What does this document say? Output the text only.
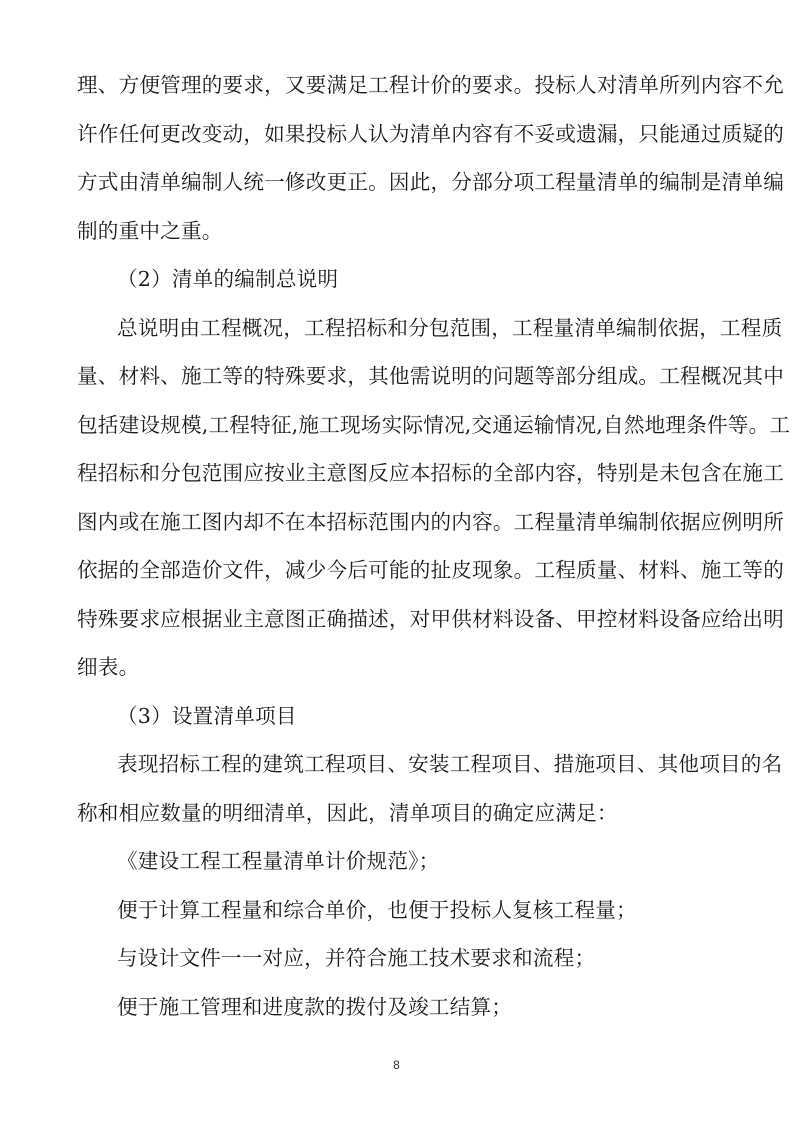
理、方便管理的要求，又要满足工程计价的要求。投标人对清单所列内容不允
许作任何更改变动，如果投标人认为清单内容有不妥或遗漏，只能通过质疑的
方式由清单编制人统一修改更正。因此，分部分项工程量清单的编制是清单编
制的重中之重。
（2）清单的编制总说明
总说明由工程概况，工程招标和分包范围，工程量清单编制依据，工程质
量、材料、施工等的特殊要求，其他需说明的问题等部分组成。工程概况其中
包括建设规模,工程特征,施工现场实际情况,交通运输情况,自然地理条件等。工
程招标和分包范围应按业主意图反应本招标的全部内容，特别是未包含在施工
图内或在施工图内却不在本招标范围内的内容。工程量清单编制依据应例明所
依据的全部造价文件，减少今后可能的扯皮现象。工程质量、材料、施工等的
特殊要求应根据业主意图正确描述，对甲供材料设备、甲控材料设备应给出明
细表。
（3）设置清单项目
表现招标工程的建筑工程项目、安装工程项目、措施项目、其他项目的名
称和相应数量的明细清单，因此，清单项目的确定应满足：
《建设工程工程量清单计价规范》；
便于计算工程量和综合单价，也便于投标人复核工程量；
与设计文件一一对应，并符合施工技术要求和流程；
便于施工管理和进度款的拨付及竣工结算；
8
